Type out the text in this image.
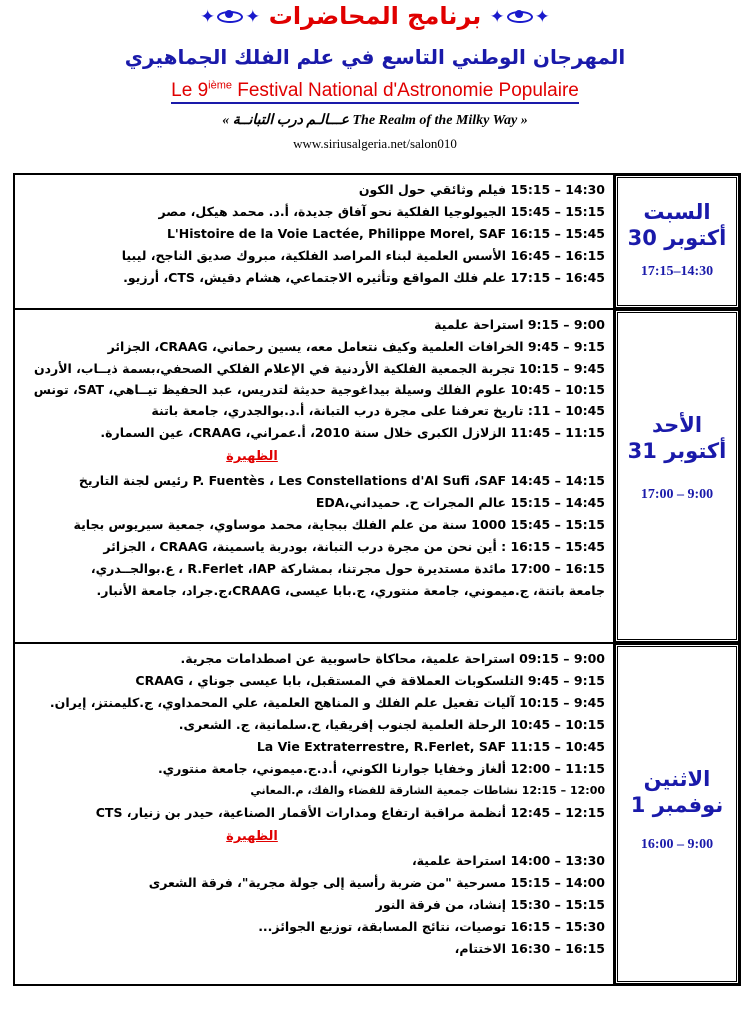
✦ ✦ برنامج المحاضرات ✦ ✦
المهرجان الوطني التاسع في علم الفلك الجماهيري
Le 9ième Festival National d'Astronomie Populaire
« عـــالـم درب التبانــة The Realm of the Milky Way »
www.siriusalgeria.net/salon010
14:30 – 15:15 فيلم وثائقي حول الكون
15:15 – 15:45 الجيولوجيا الفلكية نحو آفاق جديدة، أ.د. محمد هيكل، مصر
15:45 – 16:15 L'Histoire de la Voie Lactée, Philippe Morel, SAF
16:15 – 16:45 الأسس العلمية لبناء المراصد الفلكية، مبروك صديق الناجح، ليبيا
16:45 – 17:15 علم فلك المواقع وتأثيره الاجتماعي، هشام دقيش، CTS، أرزيو.
السبت
30 أكتوبر
17:15–14:30
9:00 – 9:15 استراحة علمية
9:15 – 9:45 الخرافات العلمية وكيف نتعامل معه، يسين رحماني، CRAAG، الجزائر
9:45 – 10:15 تجربة الجمعية الفلكية الأردنية في الإعلام الفلكي الصحفي،بسمة ذيــاب، الأردن
10:15 – 10:45 علوم الفلك وسيلة بيداغوجية حديثة لتدريس، عبد الحفيظ تيــاهي، SAT، تونس
10:45 – 11: تاريخ تعرفنا على مجرة درب التبانة، أ.د.بوالجدري، جامعة باتنة
11:15 – 11:45 الزلازل الكبرى خلال سنة 2010، أ.عمراني، CRAAG، عين السمارة.
الظهيرة
14:15 – 14:45 P. Fuentès ، Les Constellations d'Al Sufi ،SAF رئيس لجنة التاريخ
14:45 – 15:15 عالم المجرات ح. حميداني،EDA
15:15 – 15:45 1000 سنة من علم الفلك ببجاية، محمد موساوي، جمعية سيريوس بجاية
15:45 – 16:15 : أين نحن من مجرة درب التبانة، بودربة ياسمينة، CRAAG ، الجزائر
16:15 – 17:00 مائدة مستديرة حول مجرتنا، بمشاركة R.Ferlet ،IAP ، ع.بوالجــدري،
جامعة باتنة، ج.ميموني، جامعة منتوري، ج.بابا عيسى، CRAAG،ج.جراد، جامعة الأنبار.
الأحد
31 أكتوبر
17:00 – 9:00
9:00 – 09:15 استراحة علمية، محاكاة حاسوبية عن اصطدامات مجرية.
9:15 – 9:45 التلسكوبات العملاقة في المستقبل، بابا عيسى جوناي ، CRAAG
9:45 – 10:15 آليات تفعيل علم الفلك و المناهج العلمية، علي المحمداوي، ج.كليمنتز، إيران.
10:15 – 10:45 الرحلة العلمية لجنوب إفريقيا، ح.سلمانية، ج. الشعرى.
10:45 – 11:15 La Vie Extraterrestre, R.Ferlet, SAF
11:15 – 12:00 ألغاز وخفايا جوارنا الكوني، أ.د.ج.ميموني، جامعة منتوري.
12:00 – 12:15 نشاطات جمعية الشارقة للفضاء والفك، م.المعاني
12:15 – 12:45 أنظمة مراقبة ارتفاع ومدارات الأقمار الصناعية، حيدر بن زنيار، CTS
الظهيرة
13:30 – 14:00 استراحة علمية،
14:00 – 15:15 مسرحية "من ضربة رأسية إلى جولة مجرية"، فرقة الشعرى
15:15 – 15:30 إنشاد، من فرقة النور
15:30 – 16:15 توصيات، نتائج المسابقة، توزيع الجوائز...
16:15 – 16:30 الاختتام،
الاثنين
1 نوفمبر
16:00 – 9:00
